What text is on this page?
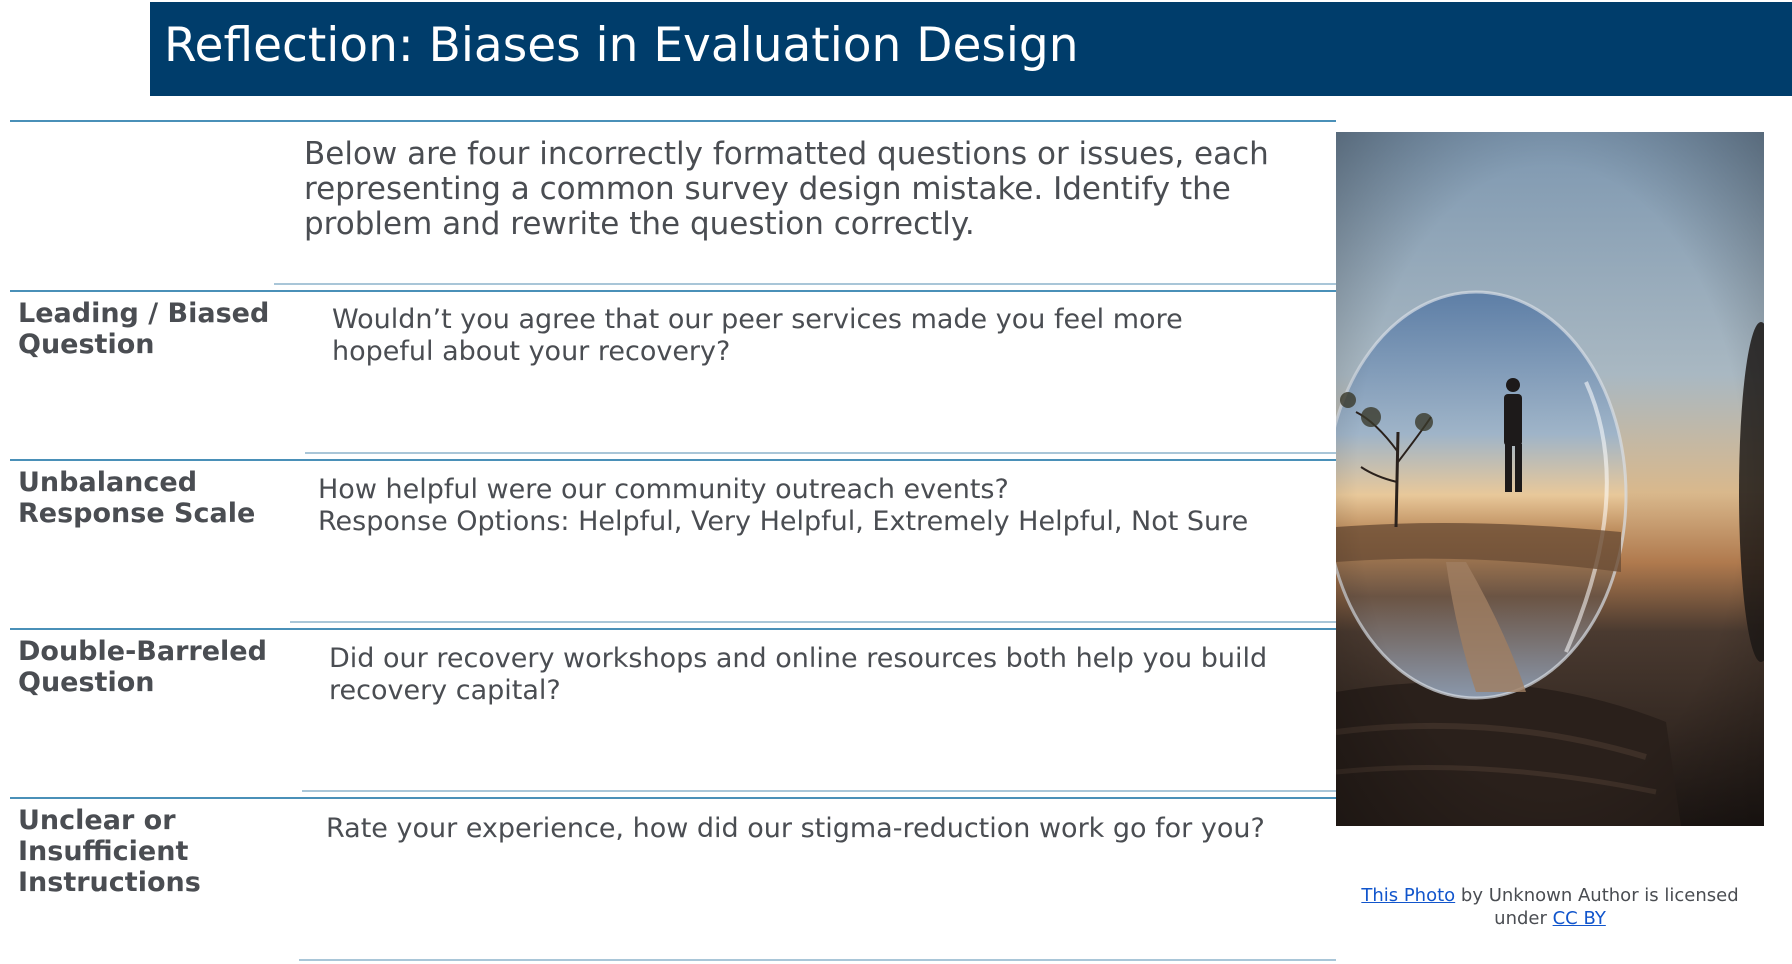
Reflection: Biases in Evaluation Design
Below are four incorrectly formatted questions or issues, each representing a common survey design mistake. Identify the problem and rewrite the question correctly.
Leading / Biased Question
Wouldn’t you agree that our peer services made you feel more hopeful about your recovery?
Unbalanced Response Scale
How helpful were our community outreach events?
Response Options: Helpful, Very Helpful, Extremely Helpful, Not Sure
Double-Barreled Question
Did our recovery workshops and online resources both help you build recovery capital?
Unclear or Insufficient Instructions
Rate your experience, how did our stigma-reduction work go for you?
This Photo by Unknown Author is licensed under CC BY
